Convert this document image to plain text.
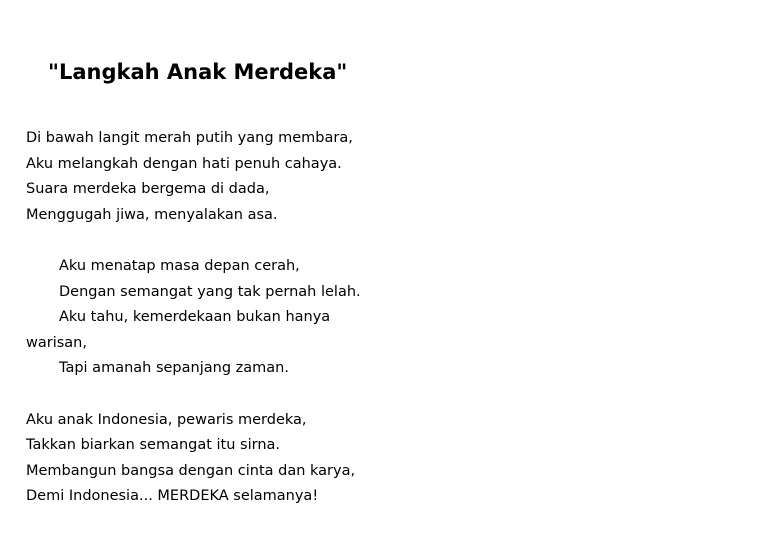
"Langkah Anak Merdeka"

Di bawah langit merah putih yang membara,
Aku melangkah dengan hati penuh cahaya.
Suara merdeka bergema di dada,
Menggugah jiwa, menyalakan asa.

Aku menatap masa depan cerah,
Dengan semangat yang tak pernah lelah.
Aku tahu, kemerdekaan bukan hanya warisan,
Tapi amanah sepanjang zaman.

Aku anak Indonesia, pewaris merdeka,
Takkan biarkan semangat itu sirna.
Membangun bangsa dengan cinta dan karya,
Demi Indonesia... MERDEKA selamanya!
